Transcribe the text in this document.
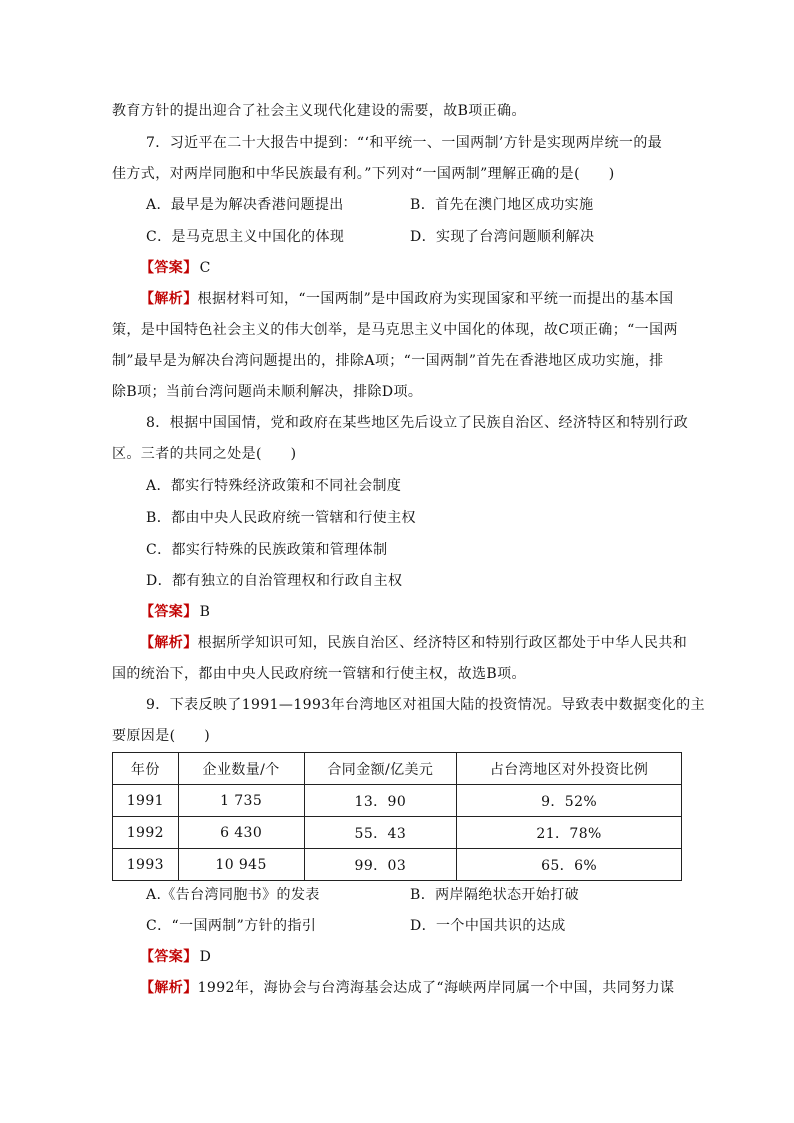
教育方针的提出迎合了社会主义现代化建设的需要，故B项正确。
7．习近平在二十大报告中提到：“‘和平统一、一国两制’方针是实现两岸统一的最
佳方式，对两岸同胞和中华民族最有利。”下列对“一国两制”理解正确的是(　　)
A．最早是为解决香港问题提出	B．首先在澳门地区成功实施
C．是马克思主义中国化的体现	D．实现了台湾问题顺利解决
【答案】 C
【解析】根据材料可知，“一国两制”是中国政府为实现国家和平统一而提出的基本国
策，是中国特色社会主义的伟大创举，是马克思主义中国化的体现，故C项正确；“一国两
制”最早是为解决台湾问题提出的，排除A项；“一国两制”首先在香港地区成功实施，排
除B项；当前台湾问题尚未顺利解决，排除D项。
8．根据中国国情，党和政府在某些地区先后设立了民族自治区、经济特区和特别行政
区。三者的共同之处是(　　)
A．都实行特殊经济政策和不同社会制度
B．都由中央人民政府统一管辖和行使主权
C．都实行特殊的民族政策和管理体制
D．都有独立的自治管理权和行政自主权
【答案】 B
【解析】根据所学知识可知，民族自治区、经济特区和特别行政区都处于中华人民共和
国的统治下，都由中央人民政府统一管辖和行使主权，故选B项。
9．下表反映了1991—1993年台湾地区对祖国大陆的投资情况。导致表中数据变化的主
要原因是(　　)
年份	企业数量/个	合同金额/亿美元	占台湾地区对外投资比例
1991	1 735	13．90	9．52%
1992	6 430	55．43	21．78%
1993	10 945	99．03	65．6%
A.《告台湾同胞书》的发表	B．两岸隔绝状态开始打破
C．“一国两制”方针的指引	D．一个中国共识的达成
【答案】 D
【解析】1992年，海协会与台湾海基会达成了“海峡两岸同属一个中国，共同努力谋
